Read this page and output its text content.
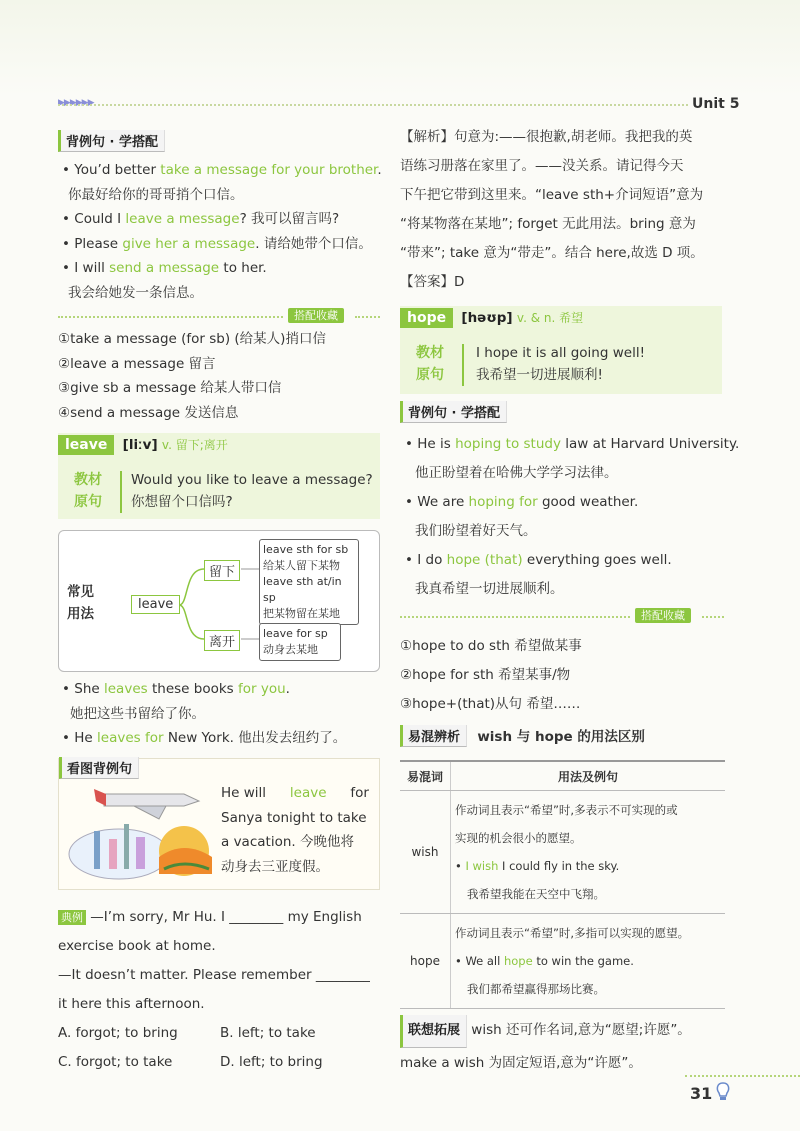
▶▶▶▶▶▶	Unit 5
背例句 · 学搭配
• You’d better take a message for your brother.
你最好给你的哥哥捎个口信。
• Could I leave a message? 我可以留言吗?
• Please give her a message. 请给她带个口信。
• I will send a message to her.
我会给她发一条信息。
搭配收藏
①take a message (for sb) (给某人)捎口信
②leave a message 留言
③give sb a message 给某人带口信
④send a message 发送信息
leave [liːv] v. 留下;离开
教材
原句
Would you like to leave a message?
你想留个口信吗?
常见
用法
leave
留下
离开
leave sth for sb
给某人留下某物
leave sth at/in sp
把某物留在某地
leave for sp
动身去某地
• She leaves these books for you.
她把这些书留给了你。
• He leaves for New York. 他出发去纽约了。
看图背例句
He will leave for
Sanya tonight to take
a vacation. 今晚他将
动身去三亚度假。
典例 —I’m sorry, Mr Hu. I ________ my English
exercise book at home.
—It doesn’t matter. Please remember ________
it here this afternoon.
A. forgot; to bring	B. left; to take
C. forgot; to take	D. left; to bring
【解析】句意为:——很抱歉,胡老师。我把我的英
语练习册落在家里了。——没关系。请记得今天
下午把它带到这里来。“leave sth+介词短语”意为
“将某物落在某地”; forget 无此用法。bring 意为
“带来”; take 意为“带走”。结合 here,故选 D 项。
【答案】D
hope [həʊp] v. & n. 希望
教材
原句
I hope it is all going well!
我希望一切进展顺利!
背例句 · 学搭配
• He is hoping to study law at Harvard University.
他正盼望着在哈佛大学学习法律。
• We are hoping for good weather.
我们盼望着好天气。
• I do hope (that) everything goes well.
我真希望一切进展顺利。
搭配收藏
①hope to do sth 希望做某事
②hope for sth 希望某事/物
③hope+(that)从句 希望……
易混辨析 wish 与 hope 的用法区别
易混词	用法及例句
wish	作动词且表示“希望”时,多表示不可实现的或
实现的机会很小的愿望。
• I wish I could fly in the sky.
我希望我能在天空中飞翔。

hope	作动词且表示“希望”时,多指可以实现的愿望。
• We all hope to win the game.
我们都希望赢得那场比赛。
联想拓展 wish 还可作名词,意为“愿望;许愿”。
make a wish 为固定短语,意为“许愿”。
31
